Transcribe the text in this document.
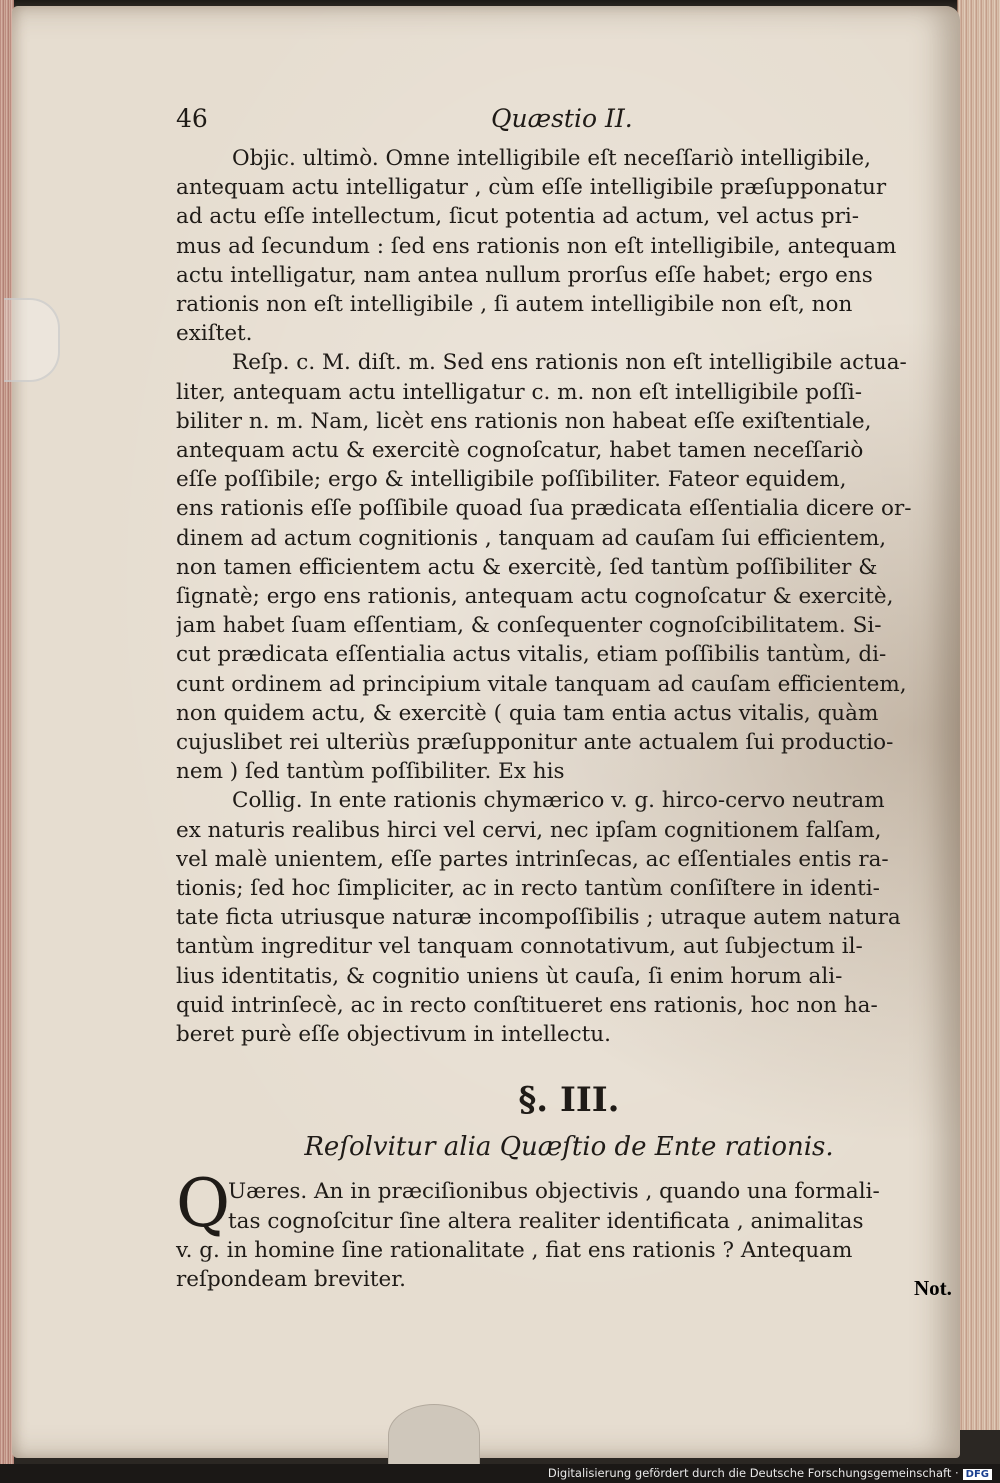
46	Quæstio II.

Objic. ultimò. Omne intelligibile eſt neceſſariò intelligibile,
antequam actu intelligatur , cùm eſſe intelligibile præſupponatur
ad actu eſſe intellectum, ſicut potentia ad actum, vel actus pri-
mus ad ſecundum : ſed ens rationis non eſt intelligibile, antequam
actu intelligatur, nam antea nullum prorſus eſſe habet; ergo ens
rationis non eſt intelligibile , ſi autem intelligibile non eſt, non
exiſtet.

Reſp. c. M. diſt. m. Sed ens rationis non eſt intelligibile actua-
liter, antequam actu intelligatur c. m. non eſt intelligibile poſſi-
biliter n. m. Nam, licèt ens rationis non habeat eſſe exiſtentiale,
antequam actu & exercitè cognoſcatur, habet tamen neceſſariò
eſſe poſſibile; ergo & intelligibile poſſibiliter. Fateor equidem,
ens rationis eſſe poſſibile quoad ſua prædicata eſſentialia dicere or-
dinem ad actum cognitionis , tanquam ad cauſam ſui efficientem,
non tamen efficientem actu & exercitè, ſed tantùm poſſibiliter &
ſignatè; ergo ens rationis, antequam actu cognoſcatur & exercitè,
jam habet ſuam eſſentiam, & conſequenter cognoſcibilitatem. Si-
cut prædicata eſſentialia actus vitalis, etiam poſſibilis tantùm, di-
cunt ordinem ad principium vitale tanquam ad cauſam efficientem,
non quidem actu, & exercitè ( quia tam entia actus vitalis, quàm
cujuslibet rei ulteriùs præſupponitur ante actualem ſui productio-
nem ) ſed tantùm poſſibiliter. Ex his

Collig. In ente rationis chymærico v. g. hirco-cervo neutram
ex naturis realibus hirci vel cervi, nec ipſam cognitionem falſam,
vel malè unientem, eſſe partes intrinſecas, ac eſſentiales entis ra-
tionis; ſed hoc ſimpliciter, ac in recto tantùm conſiſtere in identi-
tate ficta utriusque naturæ incompoſſibilis ; utraque autem natura
tantùm ingreditur vel tanquam connotativum, aut ſubjectum il-
lius identitatis, & cognitio uniens ùt cauſa, ſi enim horum ali-
quid intrinſecè, ac in recto conſtitueret ens rationis, hoc non ha-
beret purè eſſe objectivum in intellectu.

§. III.
Reſolvitur alia Quæſtio de Ente rationis.
Q
Uæres. An in præciſionibus objectivis , quando una formali-
tas cognoſcitur ſine altera realiter identificata , animalitas
v. g. in homine ſine rationalitate , fiat ens rationis ? Antequam
reſpondeam breviter.	Not.
Digitalisierung gefördert durch die Deutsche Forschungsgemeinschaft · DFG
